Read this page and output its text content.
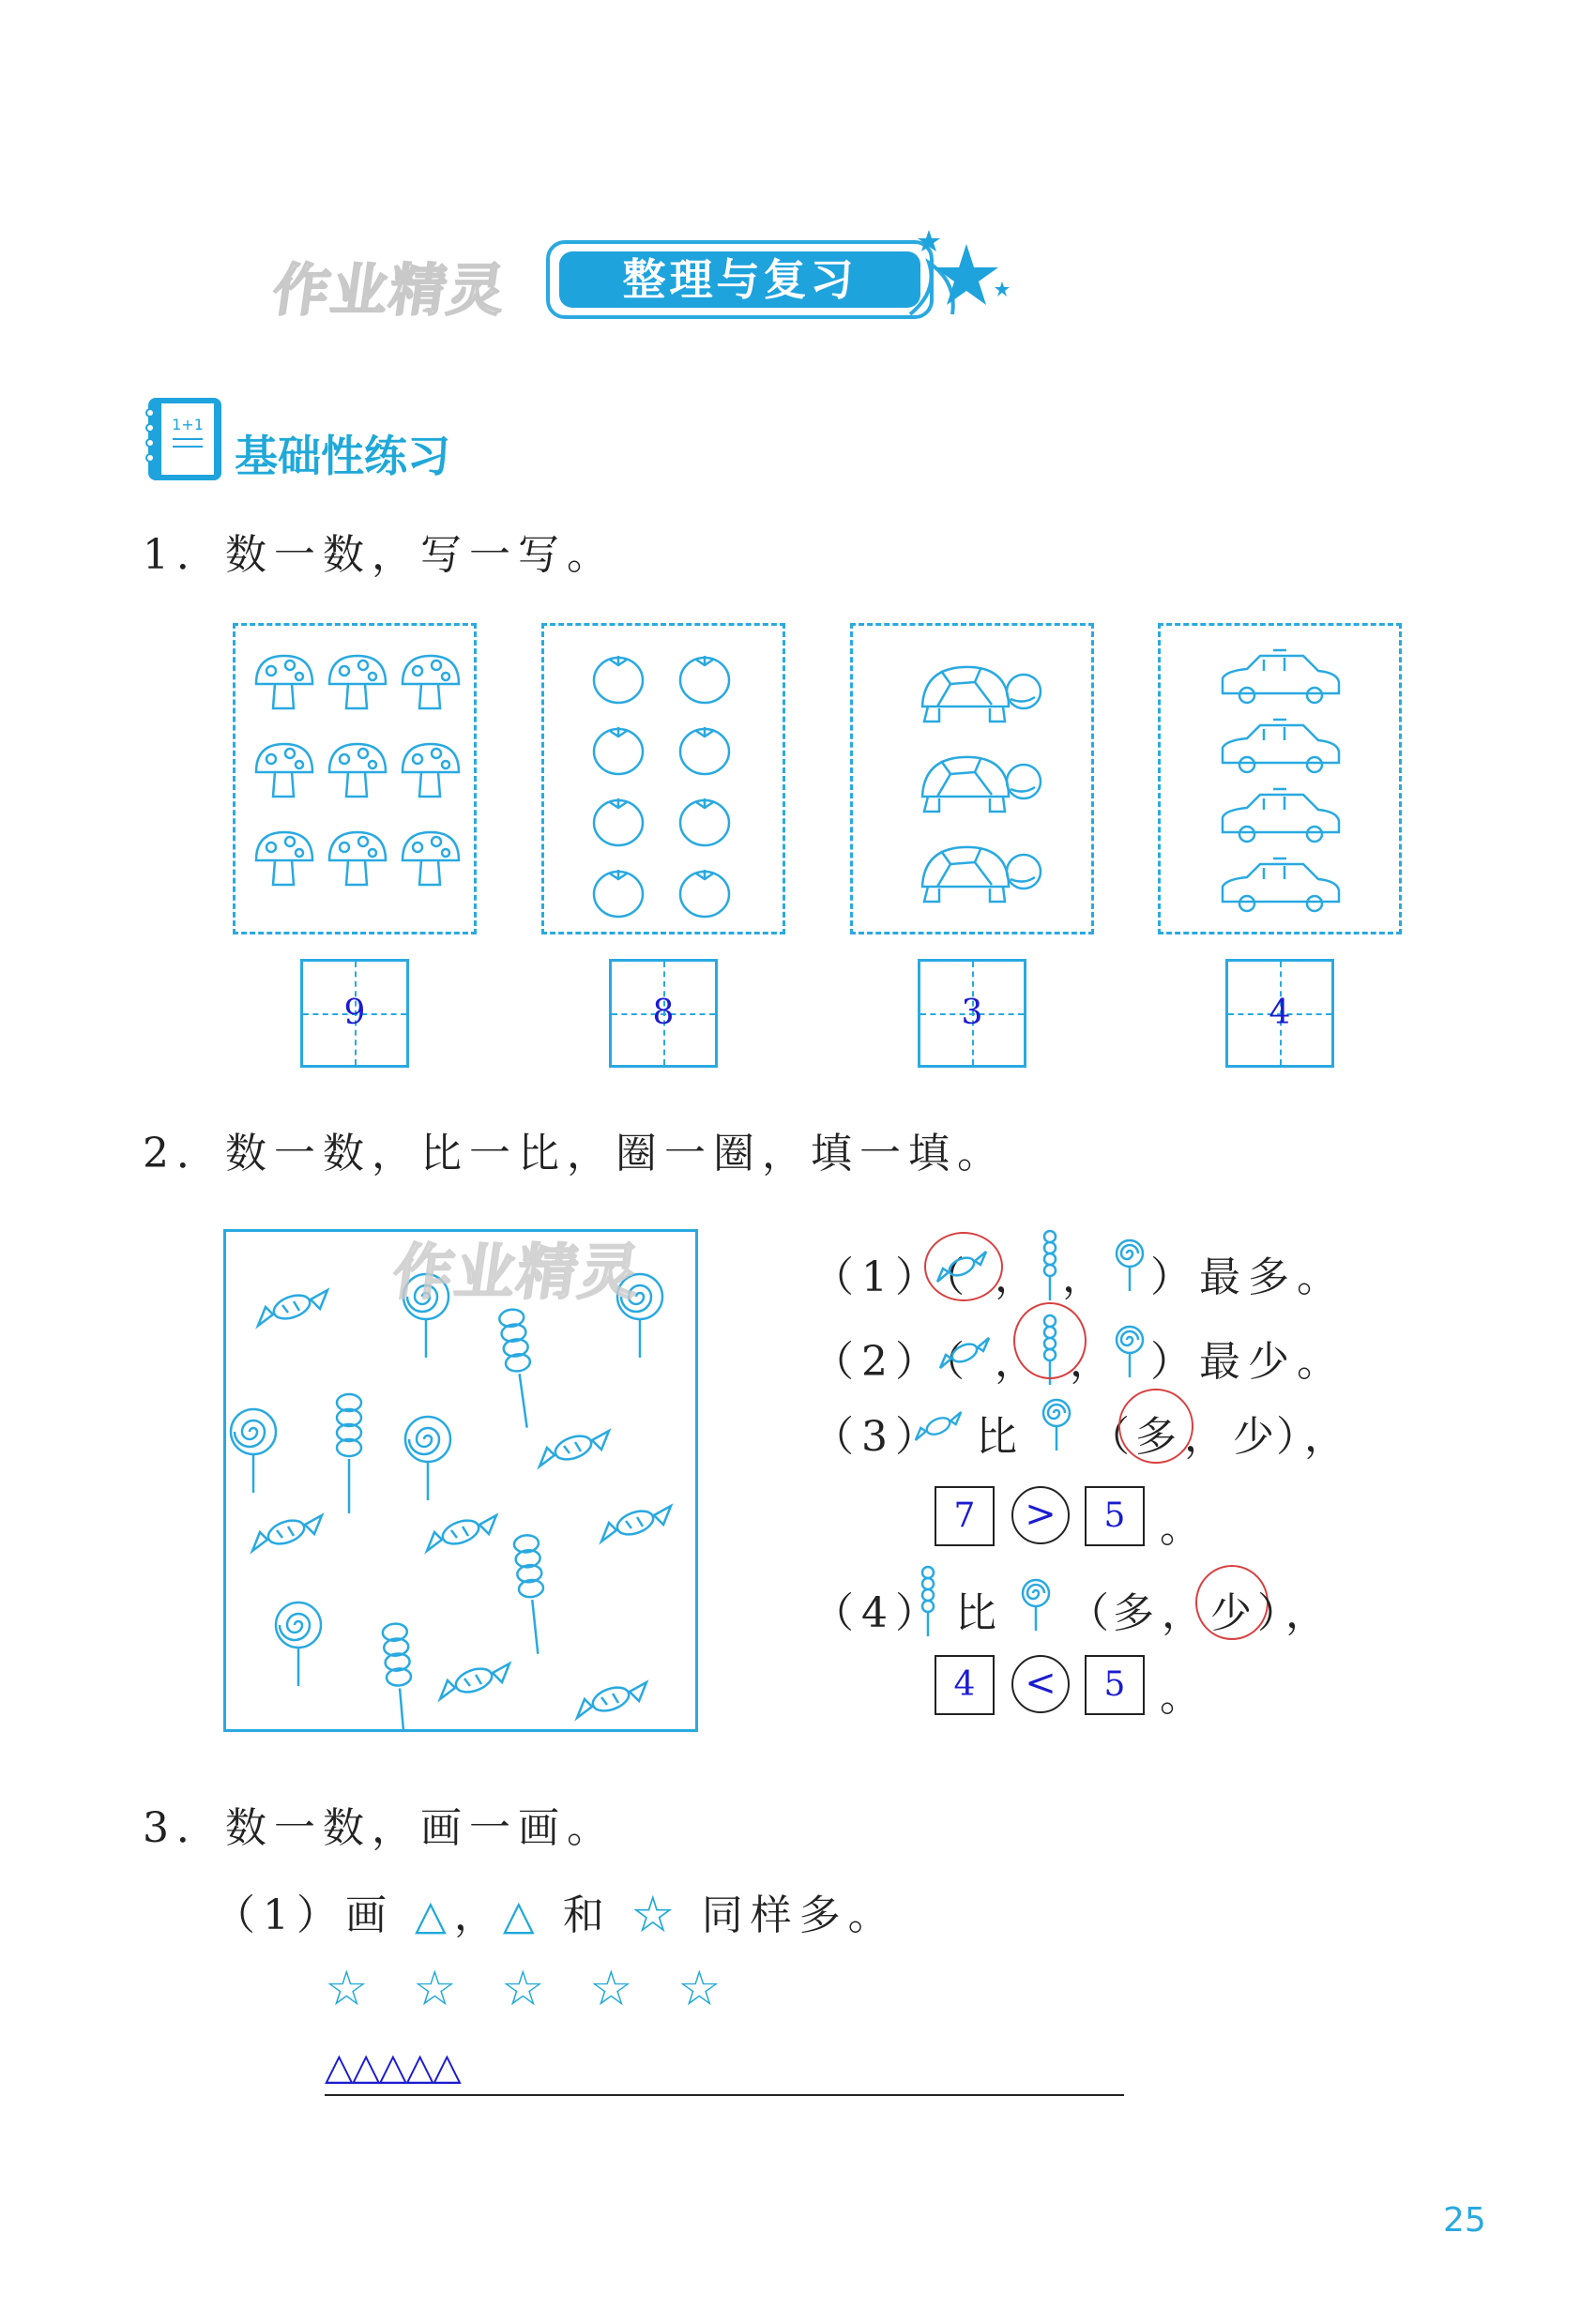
作业精灵	整理与复习
1+1
基础性练习
1．数一数，写一写。
9	8	3	4
2．数一数，比一比，圈一圈，填一填。
作业精灵	（1）（ ， ， ）最多。
（2）（ ， ， ）最少。
（3） 比 （
多 ， 少
），
7	>	5 。
（4） 比 （
多 ， 少
），
4	<	5 。
3．数一数，画一画。
（1）画 △，△ 和 ☆ 同样多。
☆ ☆ ☆ ☆ ☆
△△△△△
25
